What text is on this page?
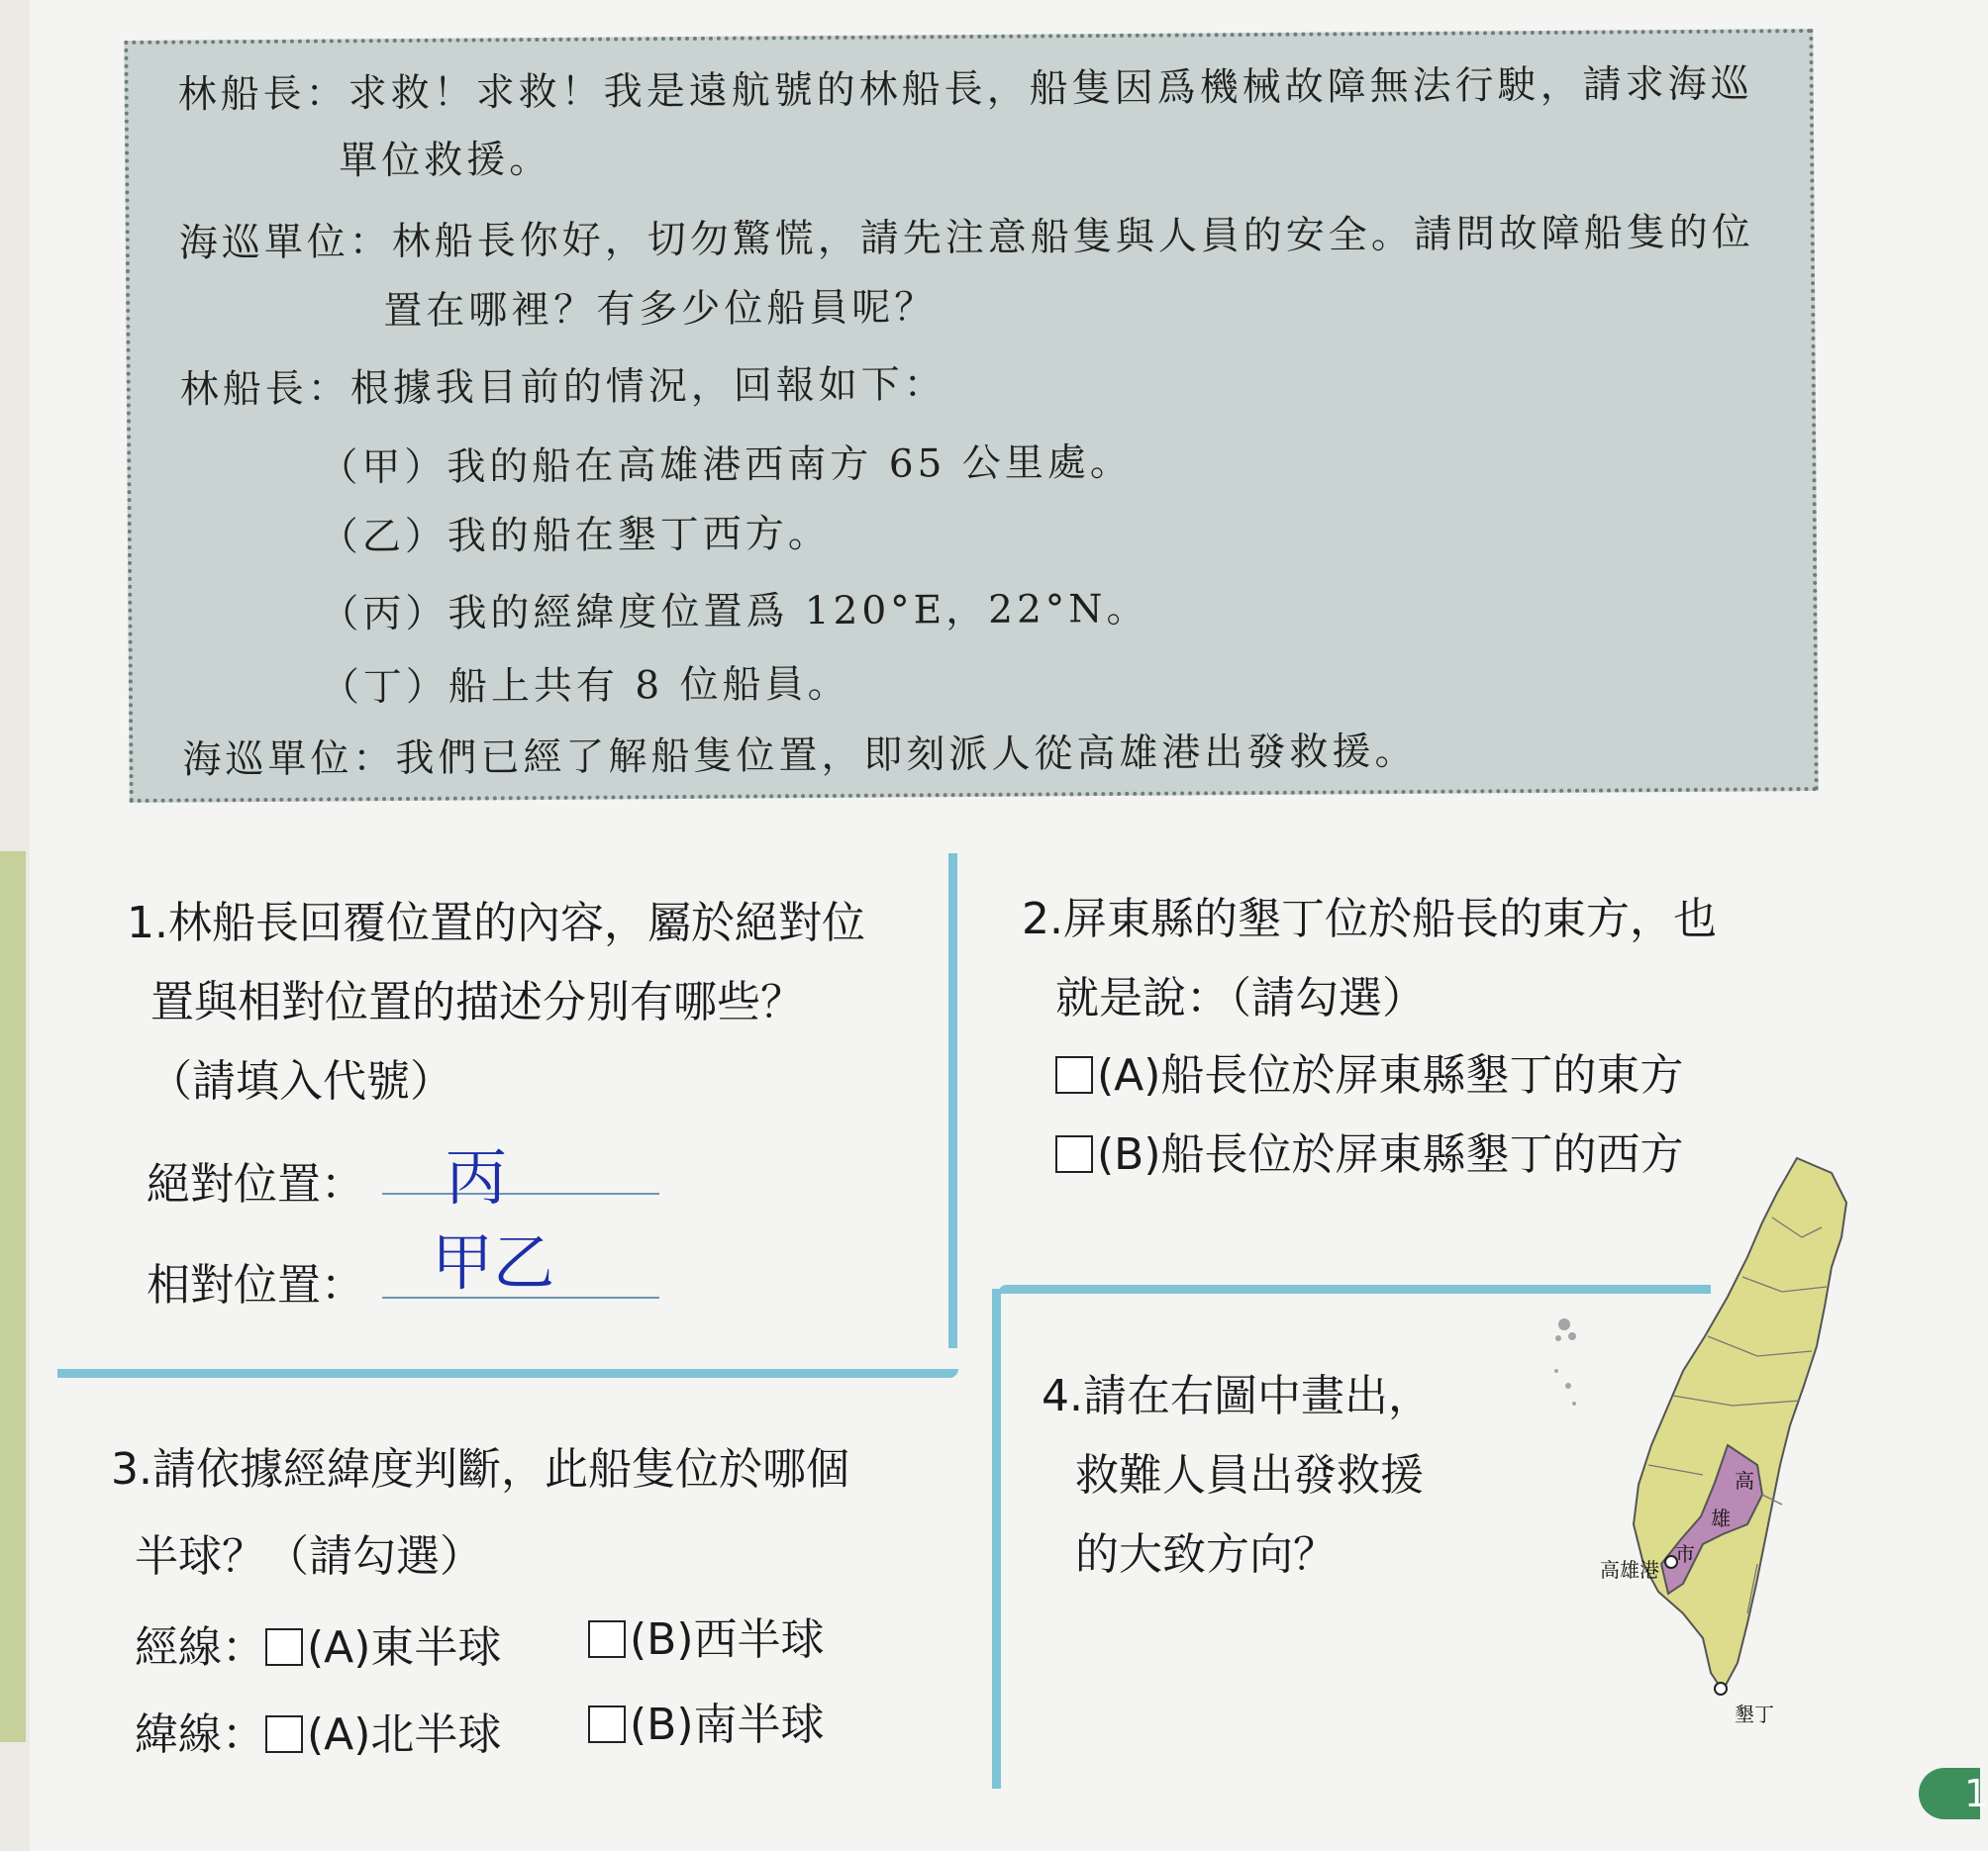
林船長：求救！求救！我是遠航號的林船長，船隻因爲機械故障無法行駛，請求海巡
單位救援。
海巡單位：林船長你好，切勿驚慌，請先注意船隻與人員的安全。請問故障船隻的位
置在哪裡？有多少位船員呢？
林船長：根據我目前的情況，回報如下：
（甲）我的船在高雄港西南方 65 公里處。
（乙）我的船在墾丁西方。
（丙）我的經緯度位置爲 120°E，22°N。
（丁）船上共有 8 位船員。
海巡單位：我們已經了解船隻位置，即刻派人從高雄港出發救援。
1.林船長回覆位置的內容，屬於絕對位
置與相對位置的描述分別有哪些？
（請填入代號）
絕對位置： 丙
相對位置： 甲乙
2.屏東縣的墾丁位於船長的東方，也
就是說：（請勾選）
(A)船長位於屏東縣墾丁的東方
(B)船長位於屏東縣墾丁的西方
3.請依據經緯度判斷，此船隻位於哪個
半球？（請勾選）
經線： (A)東半球	(B)西半球
緯線： (A)北半球	(B)南半球
4.請在右圖中畫出，
救難人員出發救援
的大致方向？
高
雄
市
高雄港
墾丁
1
